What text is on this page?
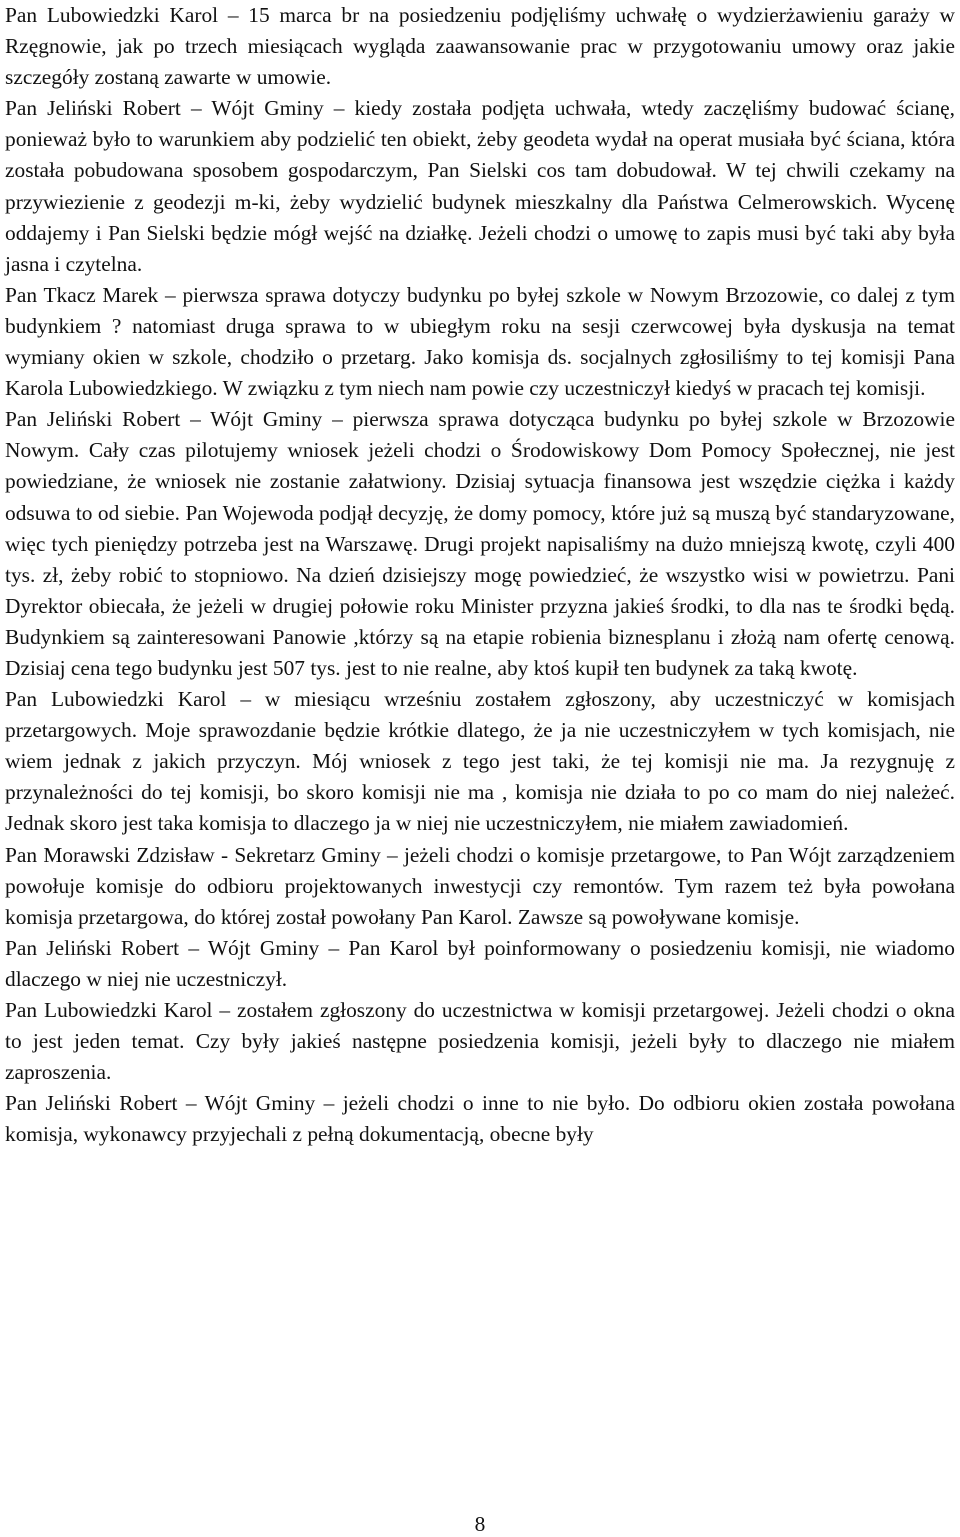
Pan Lubowiedzki Karol – 15 marca br na posiedzeniu podjęliśmy uchwałę o wydzierżawieniu garaży w Rzęgnowie, jak po trzech miesiącach wygląda zaawansowanie prac w przygotowaniu umowy oraz jakie szczegóły zostaną zawarte w umowie.

Pan Jeliński Robert – Wójt Gminy – kiedy została podjęta uchwała, wtedy zaczęliśmy budować ścianę, ponieważ było to warunkiem aby podzielić ten obiekt, żeby geodeta wydał na operat musiała być ściana, która została pobudowana sposobem gospodarczym, Pan Sielski cos tam dobudował. W tej chwili czekamy na przywiezienie z geodezji m-ki, żeby wydzielić budynek mieszkalny dla Państwa Celmerowskich. Wycenę oddajemy i Pan Sielski będzie mógł wejść na działkę. Jeżeli chodzi o umowę to zapis musi być taki aby była jasna i czytelna.

Pan Tkacz Marek – pierwsza sprawa dotyczy budynku po byłej szkole w Nowym Brzozowie, co dalej z tym budynkiem ? natomiast druga sprawa to w ubiegłym roku na sesji czerwcowej była dyskusja na temat wymiany okien w szkole, chodziło o przetarg. Jako komisja ds. socjalnych zgłosiliśmy to tej komisji Pana Karola Lubowiedzkiego. W związku z tym niech nam powie czy uczestniczył kiedyś w pracach tej komisji.

Pan Jeliński Robert – Wójt Gminy – pierwsza sprawa dotycząca budynku po byłej szkole w Brzozowie Nowym. Cały czas pilotujemy wniosek jeżeli chodzi o Środowiskowy Dom Pomocy Społecznej, nie jest powiedziane, że wniosek nie zostanie załatwiony. Dzisiaj sytuacja finansowa jest wszędzie ciężka i każdy odsuwa to od siebie. Pan Wojewoda podjął decyzję, że domy pomocy, które już są muszą być standaryzowane, więc tych pieniędzy potrzeba jest na Warszawę. Drugi projekt napisaliśmy na dużo mniejszą kwotę, czyli 400 tys. zł, żeby robić to stopniowo. Na dzień dzisiejszy mogę powiedzieć, że wszystko wisi w powietrzu. Pani Dyrektor obiecała, że jeżeli w drugiej połowie roku Minister przyzna jakieś środki, to dla nas te środki będą. Budynkiem są zainteresowani Panowie ,którzy są na etapie robienia biznesplanu i złożą nam ofertę cenową. Dzisiaj cena tego budynku jest 507 tys. jest to nie realne, aby ktoś kupił ten budynek za taką kwotę.

Pan Lubowiedzki Karol – w miesiącu wrześniu zostałem zgłoszony, aby uczestniczyć w komisjach przetargowych. Moje sprawozdanie będzie krótkie dlatego, że ja nie uczestniczyłem w tych komisjach, nie wiem jednak z jakich przyczyn. Mój wniosek z tego jest taki, że tej komisji nie ma. Ja rezygnuję z przynależności do tej komisji, bo skoro komisji nie ma , komisja nie działa to po co mam do niej należeć. Jednak skoro jest taka komisja to dlaczego ja w niej nie uczestniczyłem, nie miałem zawiadomień.

Pan Morawski Zdzisław - Sekretarz Gminy – jeżeli chodzi o komisje przetargowe, to Pan Wójt zarządzeniem powołuje komisje do odbioru projektowanych inwestycji czy remontów. Tym razem też była powołana komisja przetargowa, do której został powołany Pan Karol. Zawsze są powoływane komisje.

Pan Jeliński Robert – Wójt Gminy – Pan Karol był poinformowany o posiedzeniu komisji, nie wiadomo dlaczego w niej nie uczestniczył.

Pan Lubowiedzki Karol – zostałem zgłoszony do uczestnictwa w komisji przetargowej. Jeżeli chodzi o okna to jest jeden temat. Czy były jakieś następne posiedzenia komisji, jeżeli były to dlaczego nie miałem zaproszenia.

Pan Jeliński Robert – Wójt Gminy – jeżeli chodzi o inne to nie było. Do odbioru okien została powołana komisja, wykonawcy przyjechali z pełną dokumentacją, obecne były

8
